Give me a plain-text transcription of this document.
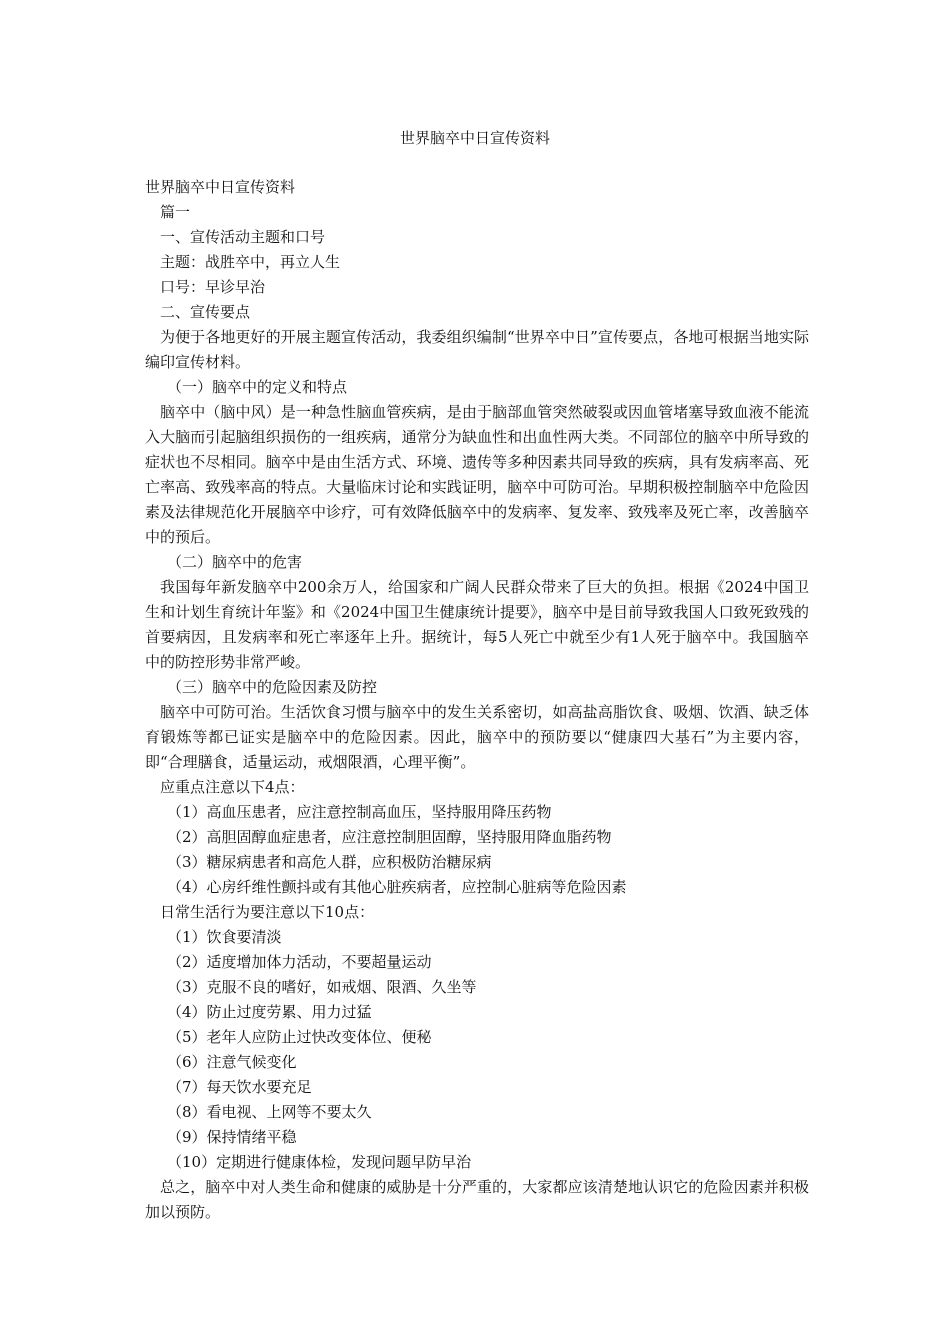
世界脑卒中日宣传资料

世界脑卒中日宣传资料

篇一

一、宣传活动主题和口号

主题：战胜卒中，再立人生

口号：早诊早治

二、宣传要点

为便于各地更好的开展主题宣传活动，我委组织编制“世界卒中日”宣传要点，各地可根据当地实际编印宣传材料。

（一）脑卒中的定义和特点

脑卒中（脑中风）是一种急性脑血管疾病，是由于脑部血管突然破裂或因血管堵塞导致血液不能流入大脑而引起脑组织损伤的一组疾病，通常分为缺血性和出血性两大类。不同部位的脑卒中所导致的症状也不尽相同。脑卒中是由生活方式、环境、遗传等多种因素共同导致的疾病，具有发病率高、死亡率高、致残率高的特点。大量临床讨论和实践证明，脑卒中可防可治。早期积极控制脑卒中危险因素及法律规范化开展脑卒中诊疗，可有效降低脑卒中的发病率、复发率、致残率及死亡率，改善脑卒中的预后。

（二）脑卒中的危害

我国每年新发脑卒中200余万人，给国家和广阔人民群众带来了巨大的负担。根据《2024中国卫生和计划生育统计年鉴》和《2024中国卫生健康统计提要》，脑卒中是目前导致我国人口致死致残的首要病因，且发病率和死亡率逐年上升。据统计，每5人死亡中就至少有1人死于脑卒中。我国脑卒中的防控形势非常严峻。

（三）脑卒中的危险因素及防控

脑卒中可防可治。生活饮食习惯与脑卒中的发生关系密切，如高盐高脂饮食、吸烟、饮酒、缺乏体育锻炼等都已证实是脑卒中的危险因素。因此，脑卒中的预防要以“健康四大基石”为主要内容，即“合理膳食，适量运动，戒烟限酒，心理平衡”。

应重点注意以下4点：

（1）高血压患者，应注意控制高血压，坚持服用降压药物

（2）高胆固醇血症患者，应注意控制胆固醇，坚持服用降血脂药物

（3）糖尿病患者和高危人群，应积极防治糖尿病

（4）心房纤维性颤抖或有其他心脏疾病者，应控制心脏病等危险因素

日常生活行为要注意以下10点：

（1）饮食要清淡

（2）适度增加体力活动，不要超量运动

（3）克服不良的嗜好，如戒烟、限酒、久坐等

（4）防止过度劳累、用力过猛

（5）老年人应防止过快改变体位、便秘

（6）注意气候变化

（7）每天饮水要充足

（8）看电视、上网等不要太久

（9）保持情绪平稳

（10）定期进行健康体检，发现问题早防早治

总之，脑卒中对人类生命和健康的威胁是十分严重的，大家都应该清楚地认识它的危险因素并积极加以预防。
